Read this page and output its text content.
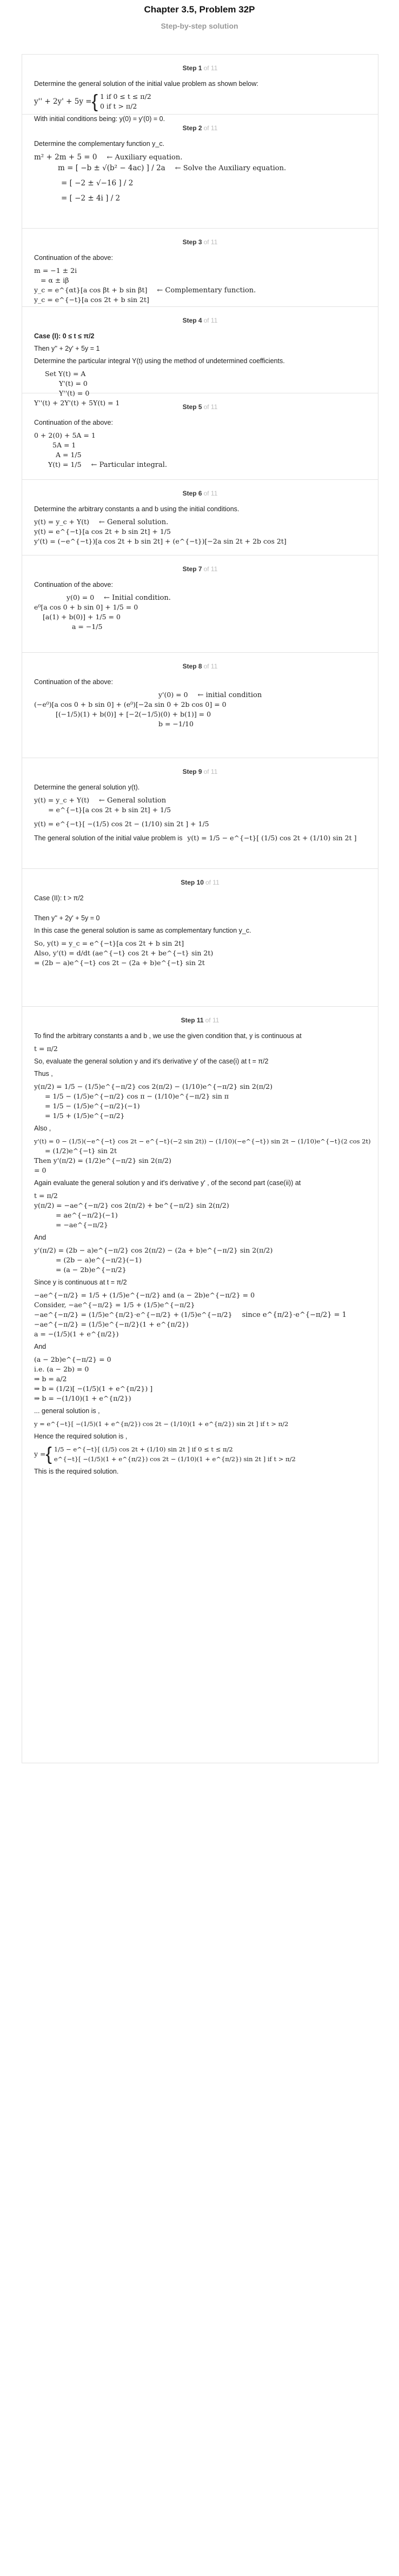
Chapter 3.5, Problem 32P
Step-by-step solution
Step 1 of 11
Determine the general solution of the initial value problem as shown below:
y'' + 2y' + 5y = { 1 if 0 ≤ t ≤ π/2
0 if t > π/2
With initial conditions being: y(0) = y'(0) = 0.
Step 2 of 11
Determine the complementary function y_c.
m² + 2m + 5 = 0 ← Auxiliary equation.
m = [ −b ± √(b² − 4ac) ] / 2a ← Solve the Auxiliary equation.
= [ −2 ± √−16 ] / 2
= [ −2 ± 4i ] / 2
Step 3 of 11
Continuation of the above:
m = −1 ± 2i
= α ± iβ
y_c = e^{αt}[a cos βt + b sin βt] ← Complementary function.
y_c = e^{−t}[a cos 2t + b sin 2t]
Step 4 of 11
Case (I): 0 ≤ t ≤ π/2
Then y'' + 2y' + 5y = 1
Determine the particular integral Y(t) using the method of undetermined coefficients.
Set Y(t) = A
Y'(t) = 0
Y''(t) = 0
Y''(t) + 2Y'(t) + 5Y(t) = 1	Step 5 of 11
Continuation of the above:
0 + 2(0) + 5A = 1
5A = 1
A = 1/5
Y(t) = 1/5 ← Particular integral.
Step 6 of 11
Determine the arbitrary constants a and b using the initial conditions.
y(t) = y_c + Y(t) ← General solution.
y(t) = e^{−t}[a cos 2t + b sin 2t] + 1/5
y'(t) = (−e^{−t})[a cos 2t + b sin 2t] + (e^{−t})[−2a sin 2t + 2b cos 2t]
Step 7 of 11
Continuation of the above:
y(0) = 0 ← Initial condition.
e⁰[a cos 0 + b sin 0] + 1/5 = 0
[a(1) + b(0)] + 1/5 = 0
a = −1/5
Step 8 of 11
Continuation of the above:
y'(0) = 0 ← initial condition
(−e⁰)[a cos 0 + b sin 0] + (e⁰)[−2a sin 0 + 2b cos 0] = 0
[(−1/5)(1) + b(0)] + [−2(−1/5)(0) + b(1)] = 0
b = −1/10
Step 9 of 11
Determine the general solution y(t).
y(t) = y_c + Y(t) ← General solution
= e^{−t}[a cos 2t + b sin 2t] + 1/5
y(t) = e^{−t}[ −(1/5) cos 2t − (1/10) sin 2t ] + 1/5
The general solution of the initial value problem is y(t) = 1/5 − e^{−t}[ (1/5) cos 2t + (1/10) sin 2t ]
Step 10 of 11
Case (II): t > π/2
Then y'' + 2y' + 5y = 0
In this case the general solution is same as complementary function y_c.
So, y(t) = y_c = e^{−t}[a cos 2t + b sin 2t]
Also, y'(t) = d/dt (ae^{−t} cos 2t + be^{−t} sin 2t)
= (2b − a)e^{−t} cos 2t − (2a + b)e^{−t} sin 2t
Step 11 of 11
To find the arbitrary constants a and b , we use the given condition that, y is continuous at
t = π/2
So, evaluate the general solution y and it's derivative y' of the case(i) at t = π/2
Thus ,
y(π/2) = 1/5 − (1/5)e^{−π/2} cos 2(π/2) − (1/10)e^{−π/2} sin 2(π/2)
= 1/5 − (1/5)e^{−π/2} cos π − (1/10)e^{−π/2} sin π
= 1/5 − (1/5)e^{−π/2}(−1)
= 1/5 + (1/5)e^{−π/2}
Also ,
y'(t) = 0 − (1/5)(−e^{−t} cos 2t − e^{−t}(−2 sin 2t)) − (1/10)(−e^{−t}) sin 2t − (1/10)e^{−t}(2 cos 2t)
= (1/2)e^{−t} sin 2t
Then y'(π/2) = (1/2)e^{−π/2} sin 2(π/2)
= 0
Again evaluate the general solution y and it's derivative y' , of the second part (case(ii)) at
t = π/2
y(π/2) = −ae^{−π/2} cos 2(π/2) + be^{−π/2} sin 2(π/2)
= ae^{−π/2}(−1)
= −ae^{−π/2}
And
y'(π/2) = (2b − a)e^{−π/2} cos 2(π/2) − (2a + b)e^{−π/2} sin 2(π/2)
= (2b − a)e^{−π/2}(−1)
= (a − 2b)e^{−π/2}
Since y is continuous at t = π/2
−ae^{−π/2} = 1/5 + (1/5)e^{−π/2} and (a − 2b)e^{−π/2} = 0
Consider, −ae^{−π/2} = 1/5 + (1/5)e^{−π/2}
−ae^{−π/2} = (1/5)e^{π/2}·e^{−π/2} + (1/5)e^{−π/2} since e^{π/2}·e^{−π/2} = 1
−ae^{−π/2} = (1/5)e^{−π/2}(1 + e^{π/2})
a = −(1/5)(1 + e^{π/2})
And
(a − 2b)e^{−π/2} = 0
i.e. (a − 2b) = 0
⇒ b = a/2
⇒ b = (1/2)[ −(1/5)(1 + e^{π/2}) ]
⇒ b = −(1/10)(1 + e^{π/2})
... general solution is ,
y = e^{−t}[ −(1/5)(1 + e^{π/2}) cos 2t − (1/10)(1 + e^{π/2}) sin 2t ] if t > π/2
Hence the required solution is ,
y = { 1/5 − e^{−t}[ (1/5) cos 2t + (1/10) sin 2t ] if 0 ≤ t ≤ π/2
e^{−t}[ −(1/5)(1 + e^{π/2}) cos 2t − (1/10)(1 + e^{π/2}) sin 2t ] if t > π/2
This is the required solution.
